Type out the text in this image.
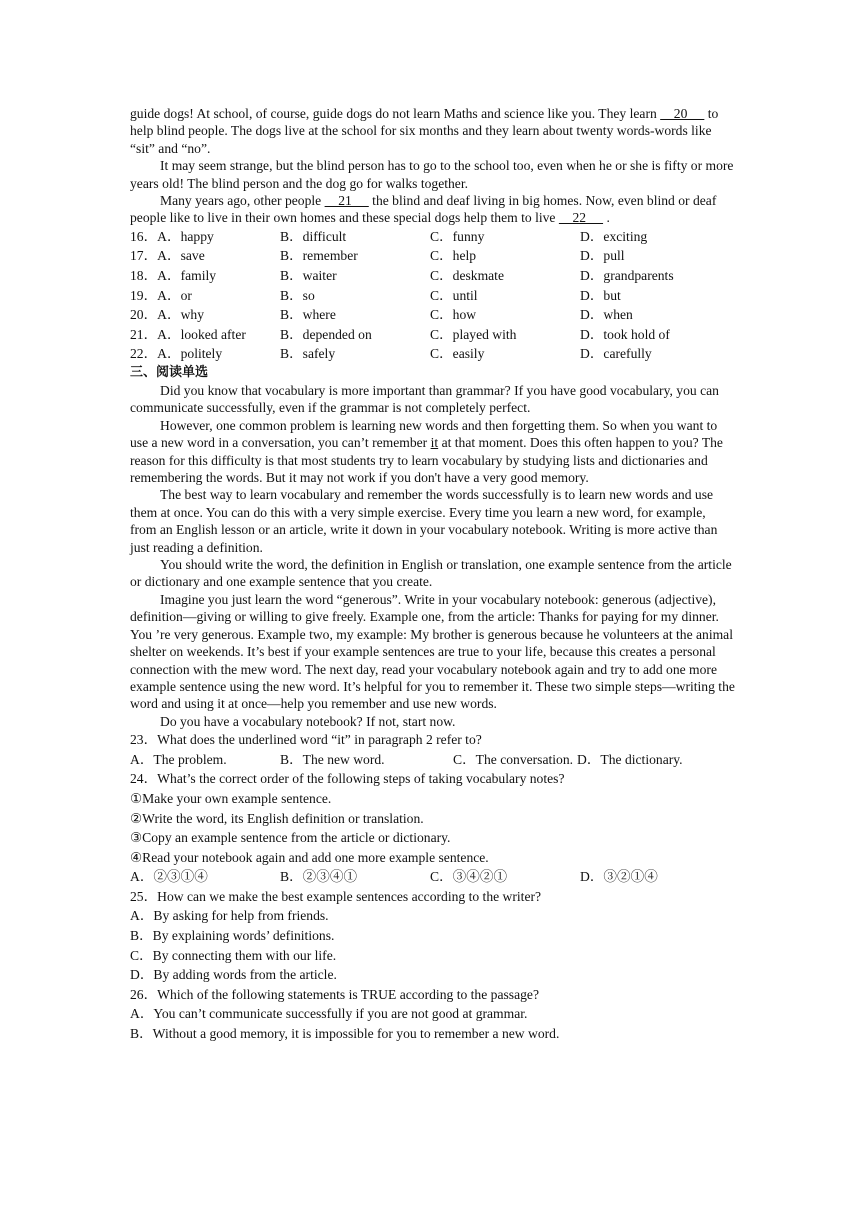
guide dogs! At school, of course, guide dogs do not learn Maths and science like you. They learn     20      to help blind people. The dogs live at the school for six months and they learn about twenty words-words like “sit” and “no”.

It may seem strange, but the blind person has to go to the school too, even when he or she is fifty or more years old! The blind person and the dog go for walks together.

Many years ago, other people     21      the blind and deaf living in big homes. Now, even blind or deaf people like to live in their own homes and these special dogs help them to live     22      .

16．A．happy	B．difficult	C．funny	D．exciting
17．A．save	B．remember	C．help	D．pull
18．A．family	B．waiter	C．deskmate	D．grandparents
19．A．or	B．so	C．until	D．but
20．A．why	B．where	C．how	D．when
21．A．looked after	B．depended on	C．played with	D．took hold of
22．A．politely	B．safely	C．easily	D．carefully
三、阅读单选

Did you know that vocabulary is more important than grammar? If you have good vocabulary, you can communicate successfully, even if the grammar is not completely perfect.

However, one common problem is learning new words and then forgetting them. So when you want to use a new word in a conversation, you can’t remember it at that moment. Does this often happen to you? The reason for this difficulty is that most students try to learn vocabulary by studying lists and dictionaries and remembering the words. But it may not work if you don't have a very good memory.

The best way to learn vocabulary and remember the words successfully is to learn new words and use them at once. You can do this with a very simple exercise. Every time you learn a new word, for example, from an English lesson or an article, write it down in your vocabulary notebook. Writing is more active than just reading a definition.

You should write the word, the definition in English or translation, one example sentence from the article or dictionary and one example sentence that you create.

Imagine you just learn the word “generous”. Write in your vocabulary notebook: generous (adjective), definition—giving or willing to give freely. Example one, from the article: Thanks for paying for my dinner. You ’re very generous. Example two, my example: My brother is generous because he volunteers at the animal shelter on weekends. It’s best if your example sentences are true to your life, because this creates a personal connection with the mew word. The next day, read your vocabulary notebook again and try to add one more example sentence using the new word. It’s helpful for you to remember it. These two simple steps—writing the word and using it at once—help you remember and use new words.

Do you have a vocabulary notebook? If not, start now.

23．What does the underlined word “it” in paragraph 2 refer to?
A．The problem.	B．The new word.	C．The conversation. D．The dictionary.
24．What’s the correct order of the following steps of taking vocabulary notes?
①Make your own example sentence.
②Write the word, its English definition or translation.
③Copy an example sentence from the article or dictionary.
④Read your notebook again and add one more example sentence.
A．②③①④	B．②③④①	C．③④②①	D．③②①④
25．How can we make the best example sentences according to the writer?
A．By asking for help from friends.
B．By explaining words’ definitions.
C．By connecting them with our life.
D．By adding words from the article.
26．Which of the following statements is TRUE according to the passage?
A．You can’t communicate successfully if you are not good at grammar.
B．Without a good memory, it is impossible for you to remember a new word.
